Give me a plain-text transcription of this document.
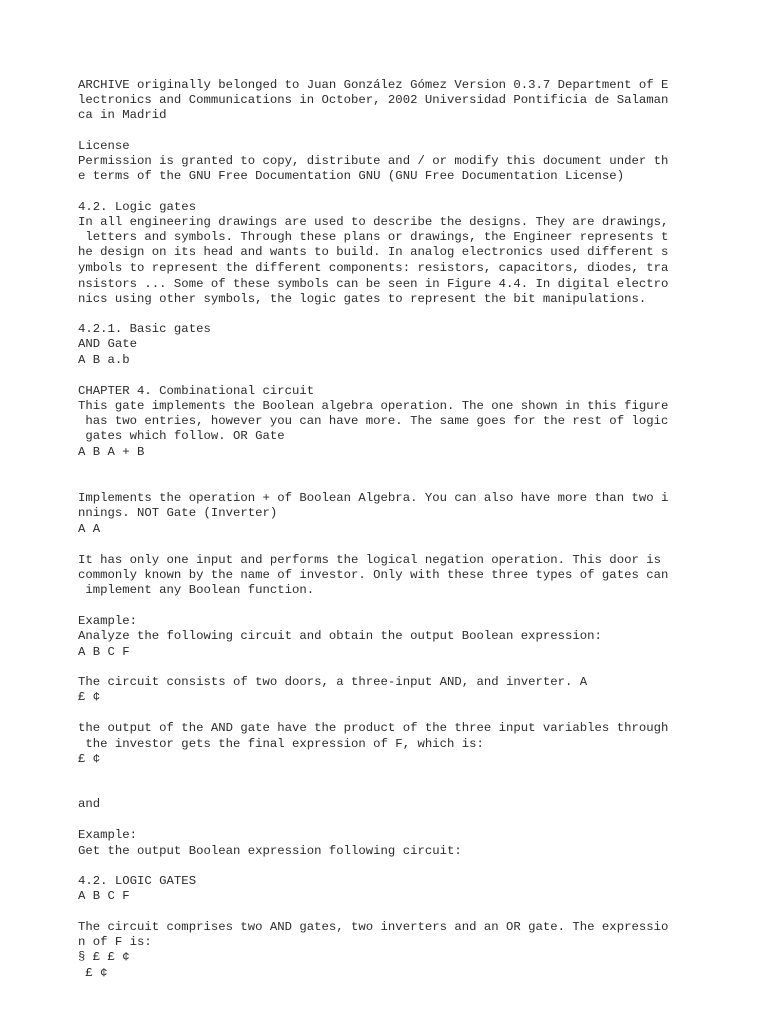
ARCHIVE originally belonged to Juan González Gómez Version 0.3.7 Department of E

lectronics and Communications in October, 2002 Universidad Pontificia de Salaman

ca in Madrid

License

Permission is granted to copy, distribute and / or modify this document under th

e terms of the GNU Free Documentation GNU (GNU Free Documentation License)

4.2. Logic gates

In all engineering drawings are used to describe the designs. They are drawings,

letters and symbols. Through these plans or drawings, the Engineer represents t

he design on its head and wants to build. In analog electronics used different s

ymbols to represent the different components: resistors, capacitors, diodes, tra

nsistors ... Some of these symbols can be seen in Figure 4.4. In digital electro

nics using other symbols, the logic gates to represent the bit manipulations.

4.2.1. Basic gates

AND Gate

A B a.b

CHAPTER 4. Combinational circuit

This gate implements the Boolean algebra operation. The one shown in this figure

has two entries, however you can have more. The same goes for the rest of logic

gates which follow. OR Gate

A B A + B

Implements the operation + of Boolean Algebra. You can also have more than two i

nnings. NOT Gate (Inverter)

A A

It has only one input and performs the logical negation operation. This door is

commonly known by the name of investor. Only with these three types of gates can

implement any Boolean function.

Example:

Analyze the following circuit and obtain the output Boolean expression:

A B C F

The circuit consists of two doors, a three-input AND, and inverter. A

£ ¢

the output of the AND gate have the product of the three input variables through

the investor gets the final expression of F, which is:

£ ¢

and

Example:

Get the output Boolean expression following circuit:

4.2. LOGIC GATES

A B C F

The circuit comprises two AND gates, two inverters and an OR gate. The expressio

n of F is:

§ £ £ ¢

£ ¢
